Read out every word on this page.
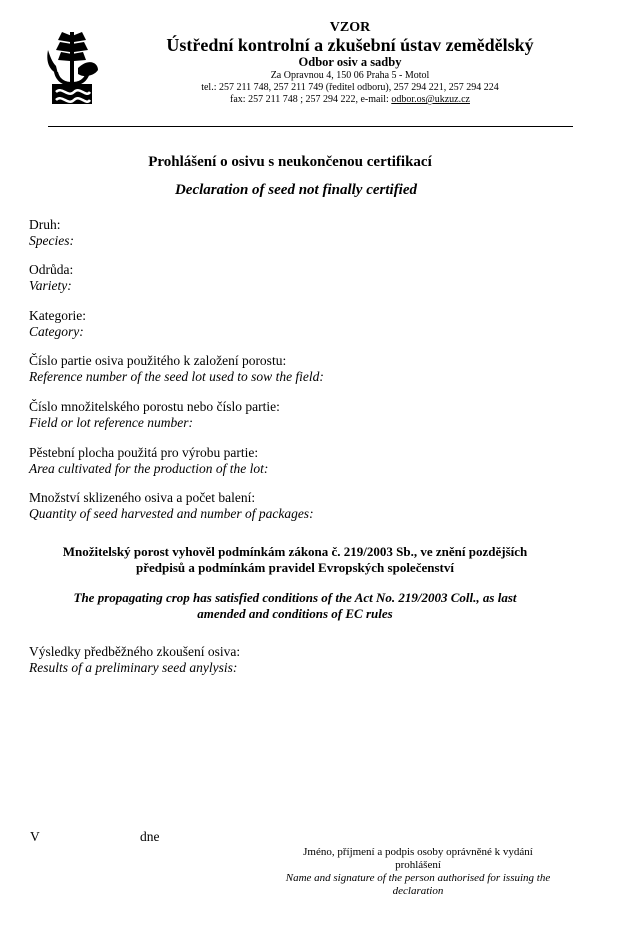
VZOR
Ústřední kontrolní a zkušební ústav zemědělský
Odbor osiv a sadby
Za Opravnou 4, 150 06 Praha 5 - Motol
tel.: 257 211 748, 257 211 749 (ředitel odboru), 257 294 221, 257 294 224
fax: 257 211 748 ; 257 294 222, e-mail: odbor.os@ukzuz.cz
Prohlášení o osivu s neukončenou certifikací
Declaration of seed not finally certified
Druh:
Species:
Odrůda:
Variety:
Kategorie:
Category:
Číslo partie osiva použitého k založení porostu:
Reference number of the seed lot used to sow the field:
Číslo množitelského porostu nebo číslo partie:
Field or lot reference number:
Pěstební plocha použitá pro výrobu partie:
Area cultivated for the production of the lot:
Množství sklizeného osiva a počet balení:
Quantity of seed harvested and number of packages:
Množitelský porost vyhověl podmínkám zákona č. 219/2003 Sb., ve znění pozdějších
předpisů a podmínkám pravidel Evropských společenství
The propagating crop has satisfied conditions of the Act No. 219/2003 Coll., as last
amended and conditions of EC rules
Výsledky předběžného zkoušení osiva:
Results of a preliminary seed anylysis:
V	dne
Jméno, příjmení a podpis osoby oprávněné k vydání
prohlášení
Name and signature of the person authorised for issuing the
declaration
